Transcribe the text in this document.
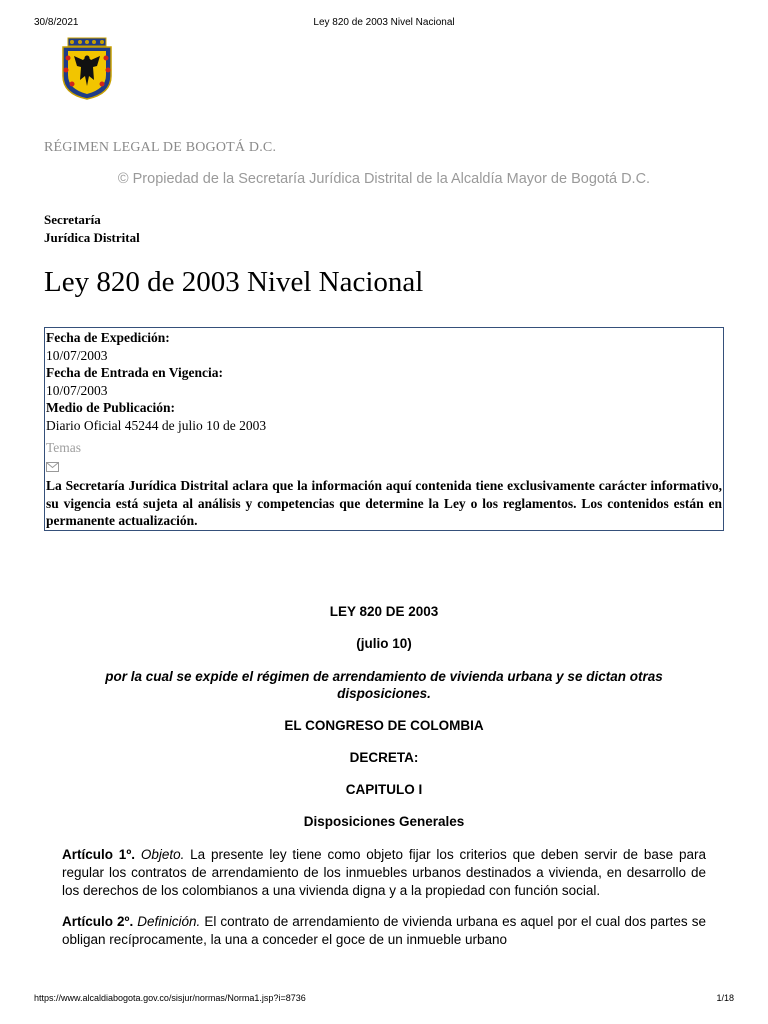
30/8/2021	Ley 820 de 2003 Nivel Nacional
RÉGIMEN LEGAL DE BOGOTÁ D.C.
© Propiedad de la Secretaría Jurídica Distrital de la Alcaldía Mayor de Bogotá D.C.
Secretaría
Jurídica Distrital
Ley 820 de 2003 Nivel Nacional
Fecha de Expedición:
10/07/2003
Fecha de Entrada en Vigencia:
10/07/2003
Medio de Publicación:
Diario Oficial 45244 de julio 10 de 2003
Temas
La Secretaría Jurídica Distrital aclara que la información aquí contenida tiene exclusivamente carácter informativo, su vigencia está sujeta al análisis y competencias que determine la Ley o los reglamentos. Los contenidos están en permanente actualización.

LEY 820 DE 2003

(julio 10)

por la cual se expide el régimen de arrendamiento de vivienda urbana y se dictan otras disposiciones.

EL CONGRESO DE COLOMBIA

DECRETA:

CAPITULO I

Disposiciones Generales

Artículo 1º. Objeto. La presente ley tiene como objeto fijar los criterios que deben servir de base para regular los contratos de arrendamiento de los inmuebles urbanos destinados a vivienda, en desarrollo de los derechos de los colombianos a una vivienda digna y a la propiedad con función social.

Artículo 2º. Definición. El contrato de arrendamiento de vivienda urbana es aquel por el cual dos partes se obligan recíprocamente, la una a conceder el goce de un inmueble urbano

https://www.alcaldiabogota.gov.co/sisjur/normas/Norma1.jsp?i=8736	1/18
